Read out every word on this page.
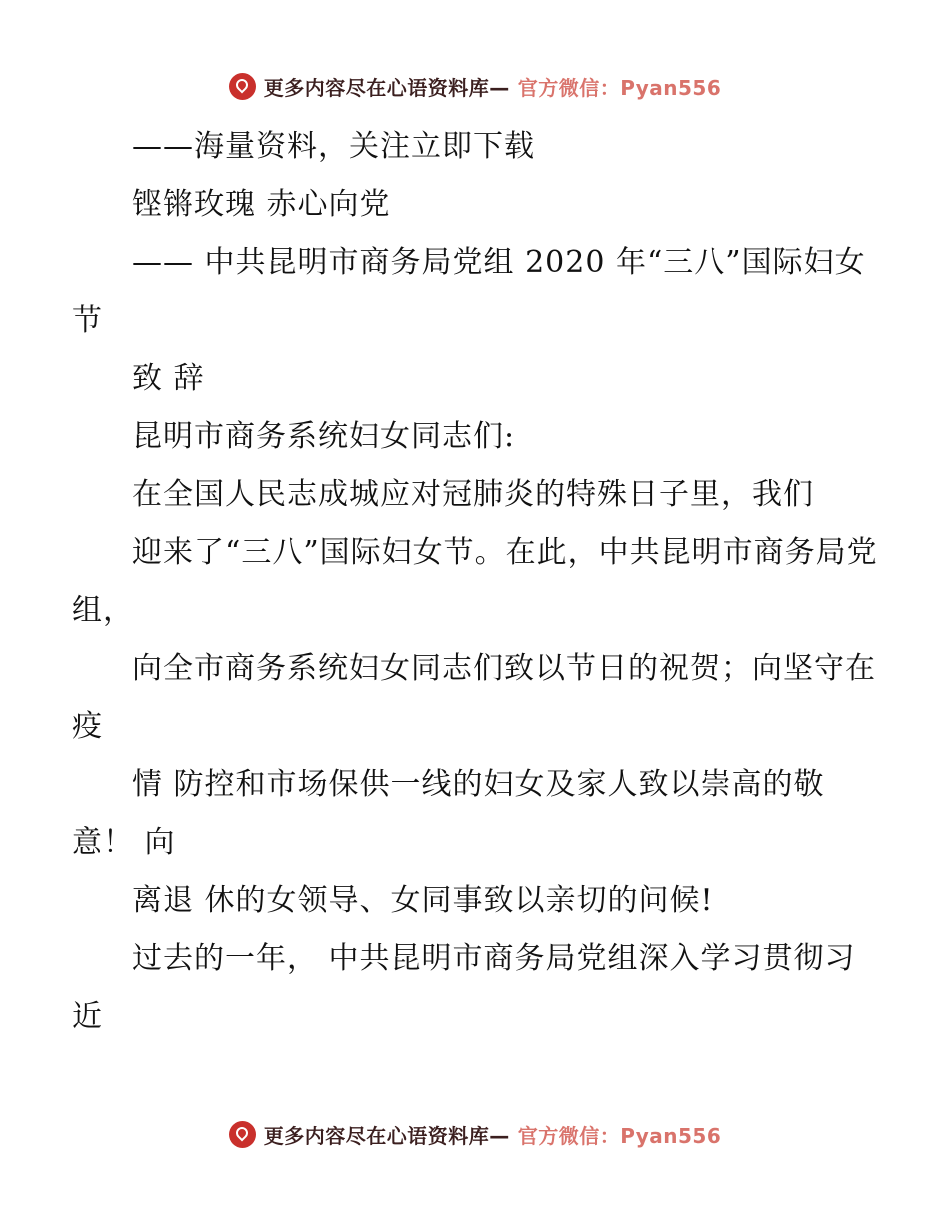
更多内容尽在心语资料库— 官方微信：Pyan556

——海量资料，关注立即下载

铿锵玫瑰 赤心向党

—— 中共昆明市商务局党组 2020 年“三八”国际妇女节

致 辞

昆明市商务系统妇女同志们:

在全国人民志成城应对冠肺炎的特殊日子里，我们

迎来了“三八”国际妇女节。在此，中共昆明市商务局党组，

向全市商务系统妇女同志们致以节日的祝贺；向坚守在疫

情 防控和市场保供一线的妇女及家人致以崇高的敬意！ 向

离退 休的女领导、女同事致以亲切的问候!

过去的一年， 中共昆明市商务局党组深入学习贯彻习近

更多内容尽在心语资料库— 官方微信：Pyan556
